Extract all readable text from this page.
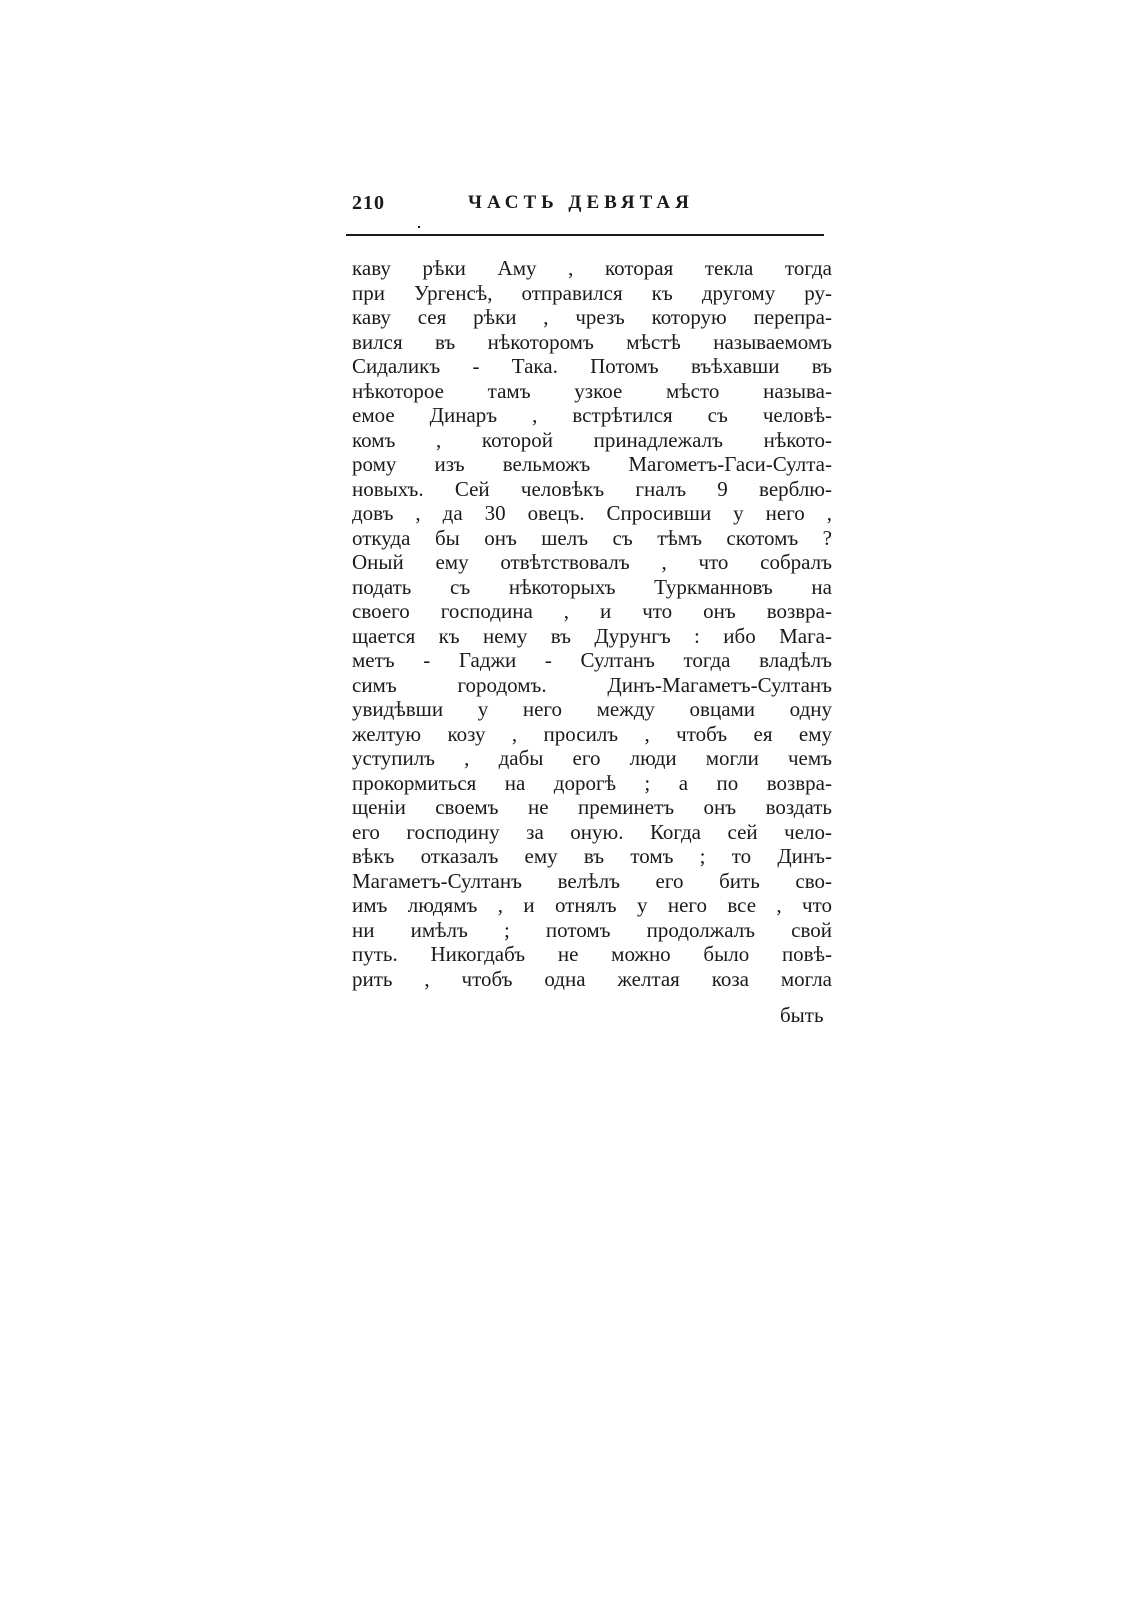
210	ЧАСТЬ ДЕВЯТАЯ
каву рѣки Аму , которая текла тогда
при Ургенсѣ, отправился къ другому ру-
каву сея рѣки , чрезъ которую перепра-
вился въ нѣкоторомъ мѣстѣ называемомъ
Сидаликъ - Така. Потомъ въѣхавши въ
нѣкоторое тамъ узкое мѣсто называ-
емое Динаръ , встрѣтился съ человѣ-
комъ , которой принадлежалъ нѣкото-
рому изъ вельможъ Магометъ-Гаси-Султа-
новыхъ. Сей человѣкъ гналъ 9 верблю-
довъ , да 30 овецъ. Спросивши у него ,
откуда бы онъ шелъ съ тѣмъ скотомъ ?
Оный ему отвѣтствовалъ , что собралъ
подать съ нѣкоторыхъ Туркманновъ на
своего господина , и что онъ возвра-
щается къ нему въ Дурунгъ : ибо Мага-
метъ - Гаджи - Султанъ тогда владѣлъ
симъ городомъ. Динъ-Магаметъ-Султанъ
увидѣвши у него между овцами одну
желтую козу , просилъ , чтобъ ея ему
уступилъ , дабы его люди могли чемъ
прокормиться на дорогѣ ; а по возвра-
щеніи своемъ не преминетъ онъ воздать
его господину за оную. Когда сей чело-
вѣкъ отказалъ ему въ томъ ; то Динъ-
Магаметъ-Султанъ велѣлъ его бить сво-
имъ людямъ , и отнялъ у него все , что
ни имѣлъ ; потомъ продолжалъ свой
путь. Никогдабъ не можно было повѣ-
рить , чтобъ одна желтая коза могла
быть
